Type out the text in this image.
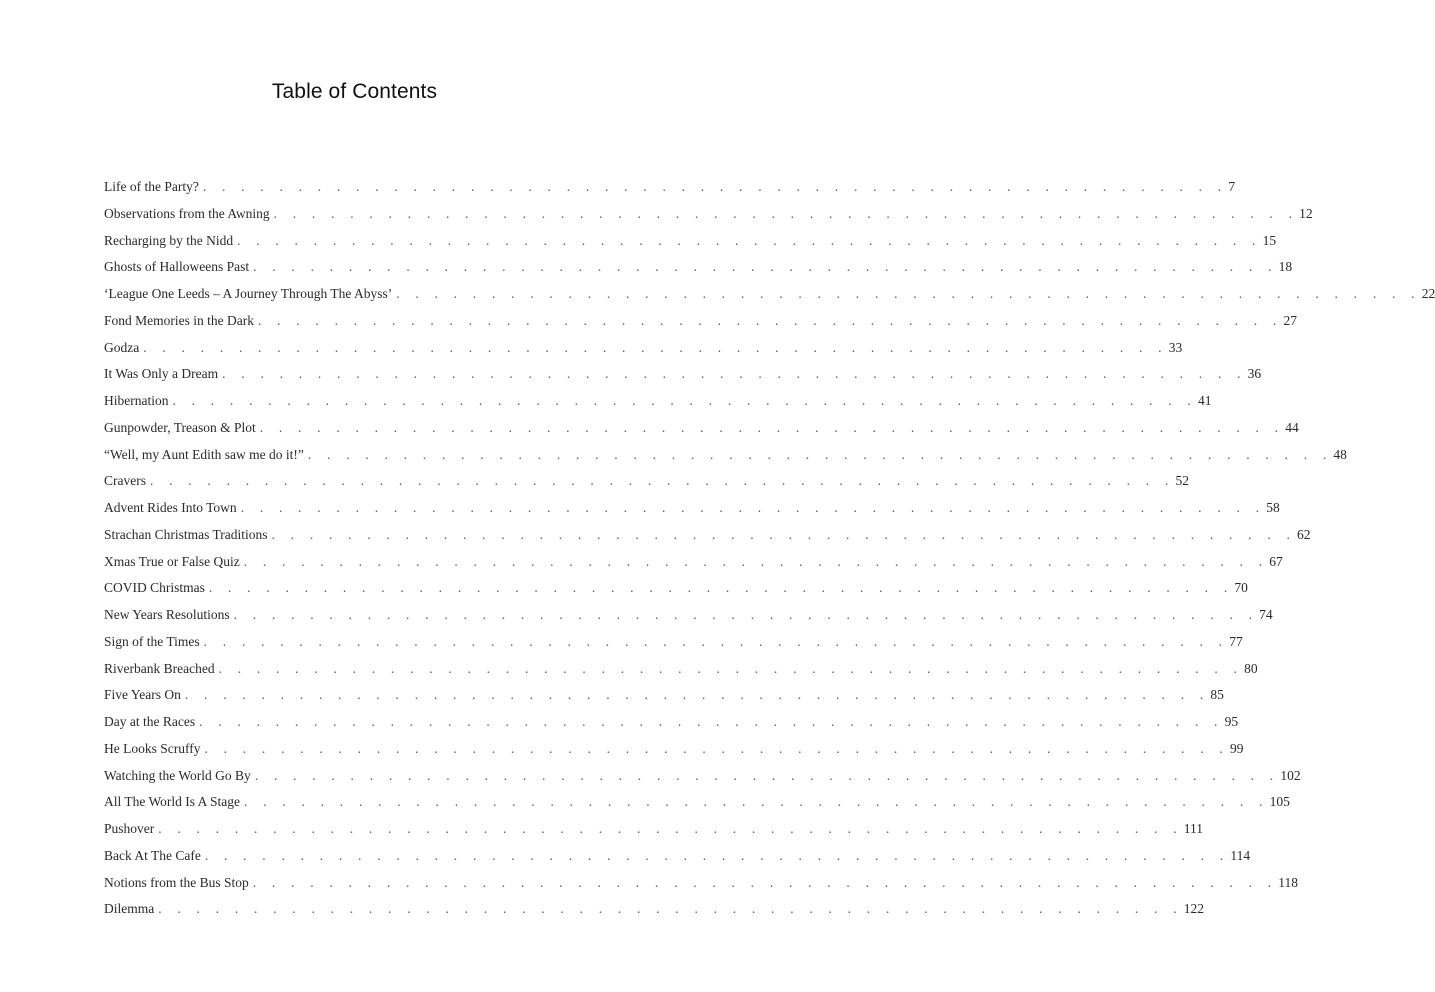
Table of Contents
Life of the Party? . . . . . . . . . . . . . . . . . . . . . . . . . . . . . . . . . . . . . . . . . . . . . . . . . . . . . . 7
Observations from the Awning . . . . . . . . . . . . . . . . . . . . . . . . . . . . . . . . . . . . . . . . . . . . . . . . . . . . . . 12
Recharging by the Nidd . . . . . . . . . . . . . . . . . . . . . . . . . . . . . . . . . . . . . . . . . . . . . . . . . . . . . . 15
Ghosts of Halloweens Past . . . . . . . . . . . . . . . . . . . . . . . . . . . . . . . . . . . . . . . . . . . . . . . . . . . . . . 18
‘League One Leeds – A Journey Through The Abyss’ . . . . . . . . . . . . . . . . . . . . . . . . . . . . . . . . . . . . . . . . . . . . . . . . . . . . . . 22
Fond Memories in the Dark . . . . . . . . . . . . . . . . . . . . . . . . . . . . . . . . . . . . . . . . . . . . . . . . . . . . . . 27
Godza . . . . . . . . . . . . . . . . . . . . . . . . . . . . . . . . . . . . . . . . . . . . . . . . . . . . . . 33
It Was Only a Dream . . . . . . . . . . . . . . . . . . . . . . . . . . . . . . . . . . . . . . . . . . . . . . . . . . . . . . 36
Hibernation . . . . . . . . . . . . . . . . . . . . . . . . . . . . . . . . . . . . . . . . . . . . . . . . . . . . . . 41
Gunpowder, Treason & Plot . . . . . . . . . . . . . . . . . . . . . . . . . . . . . . . . . . . . . . . . . . . . . . . . . . . . . . 44
“Well, my Aunt Edith saw me do it!” . . . . . . . . . . . . . . . . . . . . . . . . . . . . . . . . . . . . . . . . . . . . . . . . . . . . . . 48
Cravers . . . . . . . . . . . . . . . . . . . . . . . . . . . . . . . . . . . . . . . . . . . . . . . . . . . . . . 52
Advent Rides Into Town . . . . . . . . . . . . . . . . . . . . . . . . . . . . . . . . . . . . . . . . . . . . . . . . . . . . . . 58
Strachan Christmas Traditions . . . . . . . . . . . . . . . . . . . . . . . . . . . . . . . . . . . . . . . . . . . . . . . . . . . . . . 62
Xmas True or False Quiz . . . . . . . . . . . . . . . . . . . . . . . . . . . . . . . . . . . . . . . . . . . . . . . . . . . . . . 67
COVID Christmas . . . . . . . . . . . . . . . . . . . . . . . . . . . . . . . . . . . . . . . . . . . . . . . . . . . . . . 70
New Years Resolutions . . . . . . . . . . . . . . . . . . . . . . . . . . . . . . . . . . . . . . . . . . . . . . . . . . . . . . 74
Sign of the Times . . . . . . . . . . . . . . . . . . . . . . . . . . . . . . . . . . . . . . . . . . . . . . . . . . . . . . 77
Riverbank Breached . . . . . . . . . . . . . . . . . . . . . . . . . . . . . . . . . . . . . . . . . . . . . . . . . . . . . . 80
Five Years On . . . . . . . . . . . . . . . . . . . . . . . . . . . . . . . . . . . . . . . . . . . . . . . . . . . . . . 85
Day at the Races . . . . . . . . . . . . . . . . . . . . . . . . . . . . . . . . . . . . . . . . . . . . . . . . . . . . . . 95
He Looks Scruffy . . . . . . . . . . . . . . . . . . . . . . . . . . . . . . . . . . . . . . . . . . . . . . . . . . . . . . 99
Watching the World Go By . . . . . . . . . . . . . . . . . . . . . . . . . . . . . . . . . . . . . . . . . . . . . . . . . . . . . . 102
All The World Is A Stage . . . . . . . . . . . . . . . . . . . . . . . . . . . . . . . . . . . . . . . . . . . . . . . . . . . . . . 105
Pushover . . . . . . . . . . . . . . . . . . . . . . . . . . . . . . . . . . . . . . . . . . . . . . . . . . . . . . 111
Back At The Cafe . . . . . . . . . . . . . . . . . . . . . . . . . . . . . . . . . . . . . . . . . . . . . . . . . . . . . . 114
Notions from the Bus Stop . . . . . . . . . . . . . . . . . . . . . . . . . . . . . . . . . . . . . . . . . . . . . . . . . . . . . . 118
Dilemma . . . . . . . . . . . . . . . . . . . . . . . . . . . . . . . . . . . . . . . . . . . . . . . . . . . . . . 122
